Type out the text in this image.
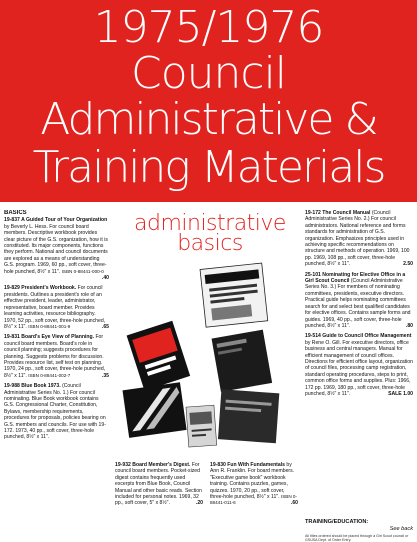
1975/1976
Council
Administrative &
Training Materials
BASICS
19-837 A Guided Tour of Your Organization by Beverly L. Hess. For council board members. Descriptive workbook provides clear picture of the G.S. organization, how it is constituted. Its major components, functions they perform. National and council documents are explored as a means of understanding G.S. program. 1969, 60 pp., soft cover, three-hole punched, 8½" x 11". ISBN 0-88441-000-0
.40
19-829 President's Workbook. For council presidents. Outlines a president's role of an effective president, leader, administrator, representative, board member. Provides learning activities, resource bibliography. 1970, 52 pp., soft cover, three-hole punched, 8½" x 11". ISBN 0-88441-001-9	.65
19-831 Board's Eye View of Planning. For council board members. Board's role in council planning; suggests procedures for planning. Suggests problems for discussion. Provides resource list, self test on planning. 1970, 24 pp., soft cover, three-hole punched, 8½" x 11". ISBN 0-88441-002-7	.35
19-988 Blue Book 1973. (Council Administrative Series No. 1.) For council nominating. Blue Book workbook contains G.S. Congressional Charter, Constitution, Bylaws, membership requirements, procedures for proposals, policies bearing on G.S. members and councils. For use with 19-172. 1973, 40 pp., soft cover, three-hole punched, 8½" x 11".
administrative
basics
19-932 Board Member's Digest. For council board members. Pocket-sized digest contains frequently used excerpts from Blue Book, Council Manual and other basic reads. Section included for personal notes. 1969, 32 pp., soft cover, 5" x 8½".	.20
19-830 Fun With Fundamentals by Ann R. Franklin. For board members. "Executive game book" workbook training. Contains puzzles, games, quizzes. 1970, 20 pp., soft cover, three-hole punched, 8½" x 11". ISBN 0-88441-011-6	.60
19-172 The Council Manual (Council Administrative Series No. 2.) For council administrators. National reference and forms standards for administration of G.S. organization. Emphasizes principles used in achieving specific recommendations on structure and methods of operation. 1969, 100 pp. 1969, 108 pp., soft cover, three-hole punched, 8½" x 11".	2.50
25-101 Nominating for Elective Office in a Girl Scout Council (Council Administrative Series No. 3.) For members of nominating committees, presidents, executive directors. Practical guide helps nominating committees search for and select best qualified candidates for elective offices. Contains sample forms and guides. 1969, 40 pp., soft cover, three-hole punched, 8½" x 11".	.80
19-514 Guide to Council Office Management by Rene O. Gill. For executive directors, office business and central managers. Manual for efficient management of council offices. Directions for efficient office layout, organization of council files, processing camp registration, standard operating procedures, steps to print, common office forms and supplies. Plus: 1966, 172 pp. 1969, 180 pp., soft cover, three-hole punched, 8½" x 11".	SALE 1.00
TRAINING/EDUCATION:
See back
All titles ordered should be placed through a Girl Scout council or GSUSA Dept. of Order Entry.
